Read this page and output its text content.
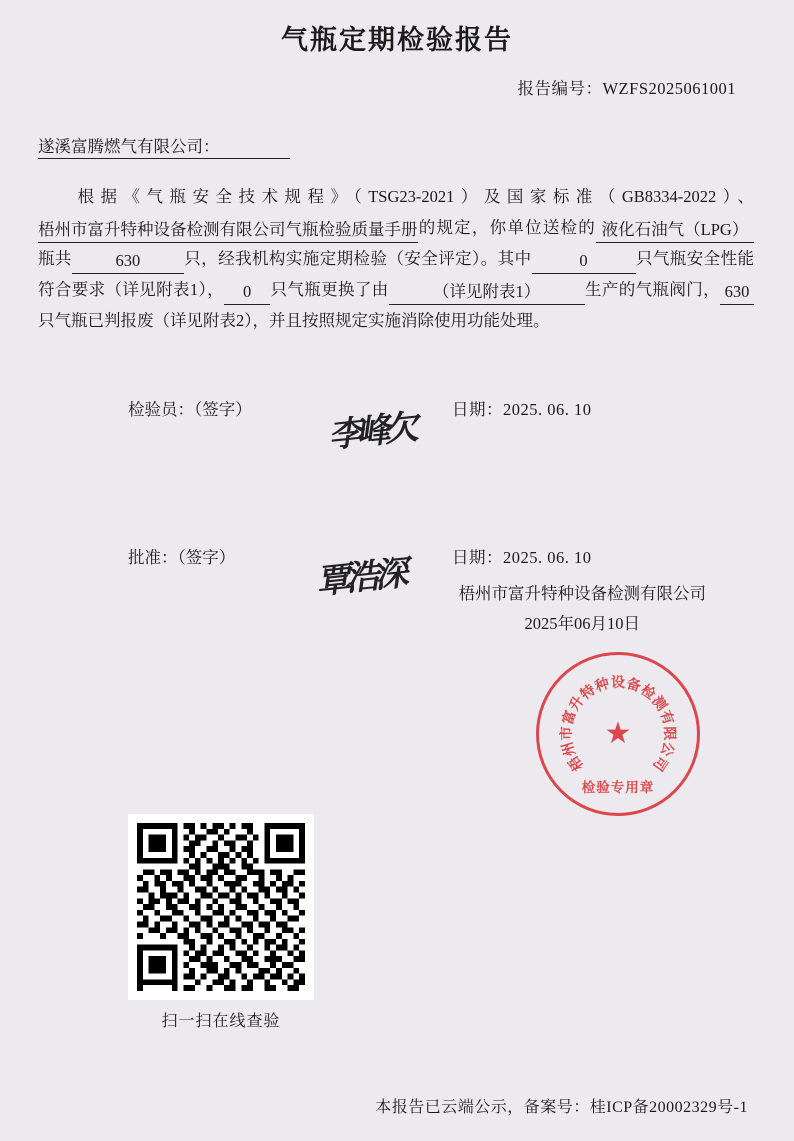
气瓶定期检验报告
报告编号：WZFS2025061001
遂溪富腾燃气有限公司：
根据《气瓶安全技术规程》（TSG23-2021）及国家标准（GB8334-2022）、梧州市富升特种设备检测有限公司气瓶检验质量手册的规定，你单位送检的 液化石油气（LPG）瓶共	630	只，经我机构实施定期检验（安全评定）。其中	0	只气瓶安全性能符合要求（详见附表1）， 0 只气瓶更换了由	（详见附表1）	生产的气瓶阀门， 630只气瓶已判报废（详见附表2），并且按照规定实施消除使用功能处理。
检验员：（签字） 李峰欠 日期：2025. 06. 10
批准：（签字） 覃浩深	日期：2025. 06. 10
梧州市富升特种设备检测有限公司
2025年06月10日
梧
州
市
富
升
特
种 设 备
检
测
有
限
公
司
★
检验专用章
扫一扫在线查验
本报告已云端公示，备案号：桂ICP备20002329号-1
